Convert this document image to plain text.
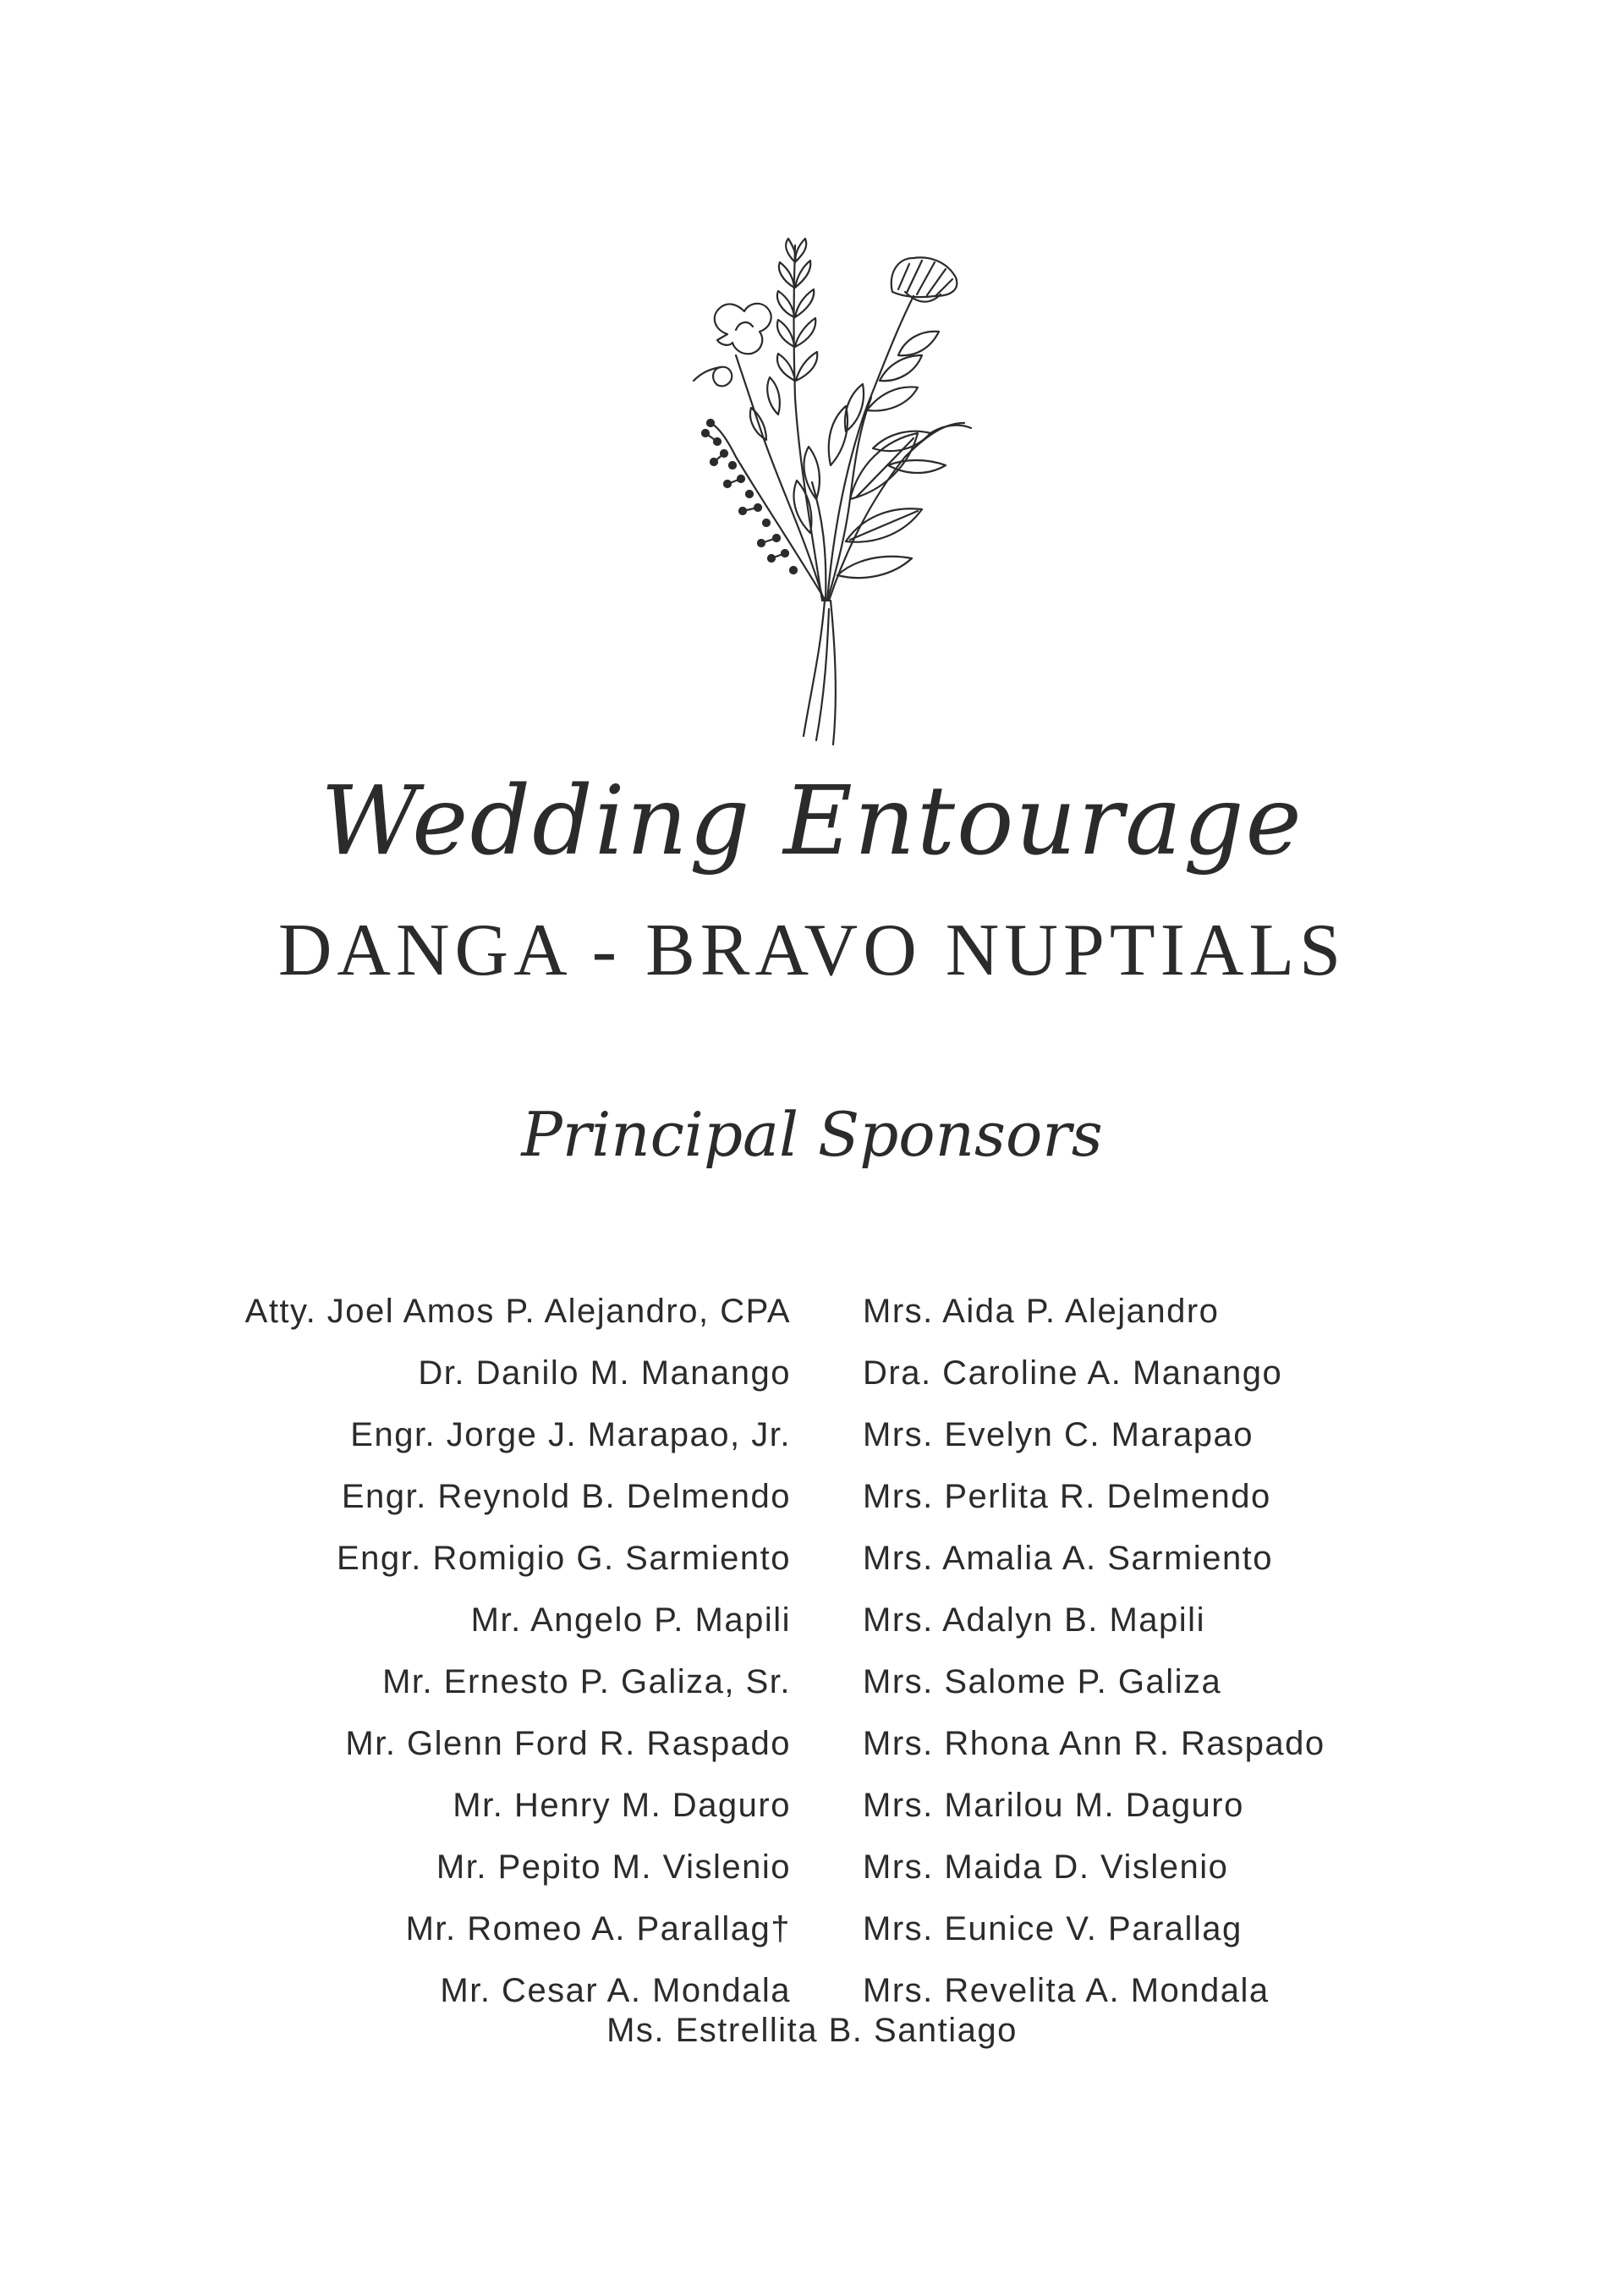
Wedding Entourage
DANGA - BRAVO NUPTIALS
Principal Sponsors
Atty. Joel Amos P. Alejandro, CPA Mrs. Aida P. Alejandro
Dr. Danilo M. Manango Dra. Caroline A. Manango
Engr. Jorge J. Marapao, Jr. Mrs. Evelyn C. Marapao
Engr. Reynold B. Delmendo Mrs. Perlita R. Delmendo
Engr. Romigio G. Sarmiento Mrs. Amalia A. Sarmiento
Mr. Angelo P. Mapili Mrs. Adalyn B. Mapili
Mr. Ernesto P. Galiza, Sr. Mrs. Salome P. Galiza
Mr. Glenn Ford R. Raspado Mrs. Rhona Ann R. Raspado
Mr. Henry M. Daguro Mrs. Marilou M. Daguro
Mr. Pepito M. Vislenio Mrs. Maida D. Vislenio
Mr. Romeo A. Parallag† Mrs. Eunice V. Parallag
Mr. Cesar A. Mondala Mrs. Revelita A. Mondala
Ms. Estrellita B. Santiago
